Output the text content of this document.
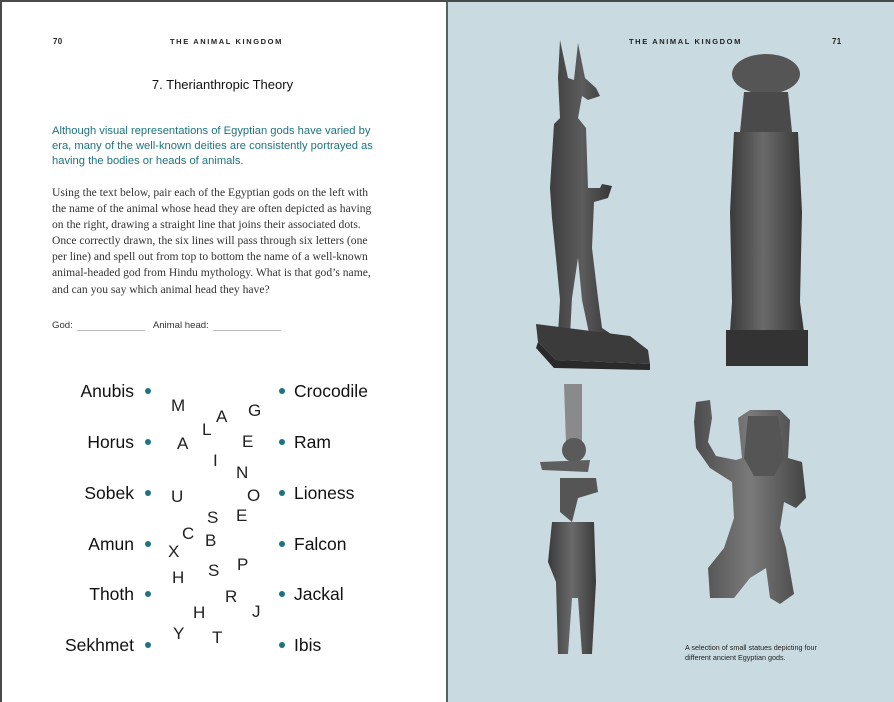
70	THE ANIMAL KINGDOM
7. Therianthropic Theory
Although visual representations of Egyptian gods have varied by era, many of the well-known deities are consistently portrayed as having the bodies or heads of animals.
Using the text below, pair each of the Egyptian gods on the left with the name of the animal whose head they are often depicted as having on the right, drawing a straight line that joins their associated dots. Once correctly drawn, the six lines will pass through six letters (one per line) and spell out from top to bottom the name of a well-known animal-headed god from Hindu mythology. What is that god’s name, and can you say which animal head they have?
God:	Animal head:
Anubis
Horus
Sobek
Amun
Thoth
Sekhmet
Crocodile
Ram
Lioness
Falcon
Jackal
Ibis
M	G
A
L
A	E
I
N
U	O
S E
C B
X
S P
H
R
H	J
Y T
THE ANIMAL KINGDOM	71
A selection of small statues depicting four different ancient Egyptian gods.
